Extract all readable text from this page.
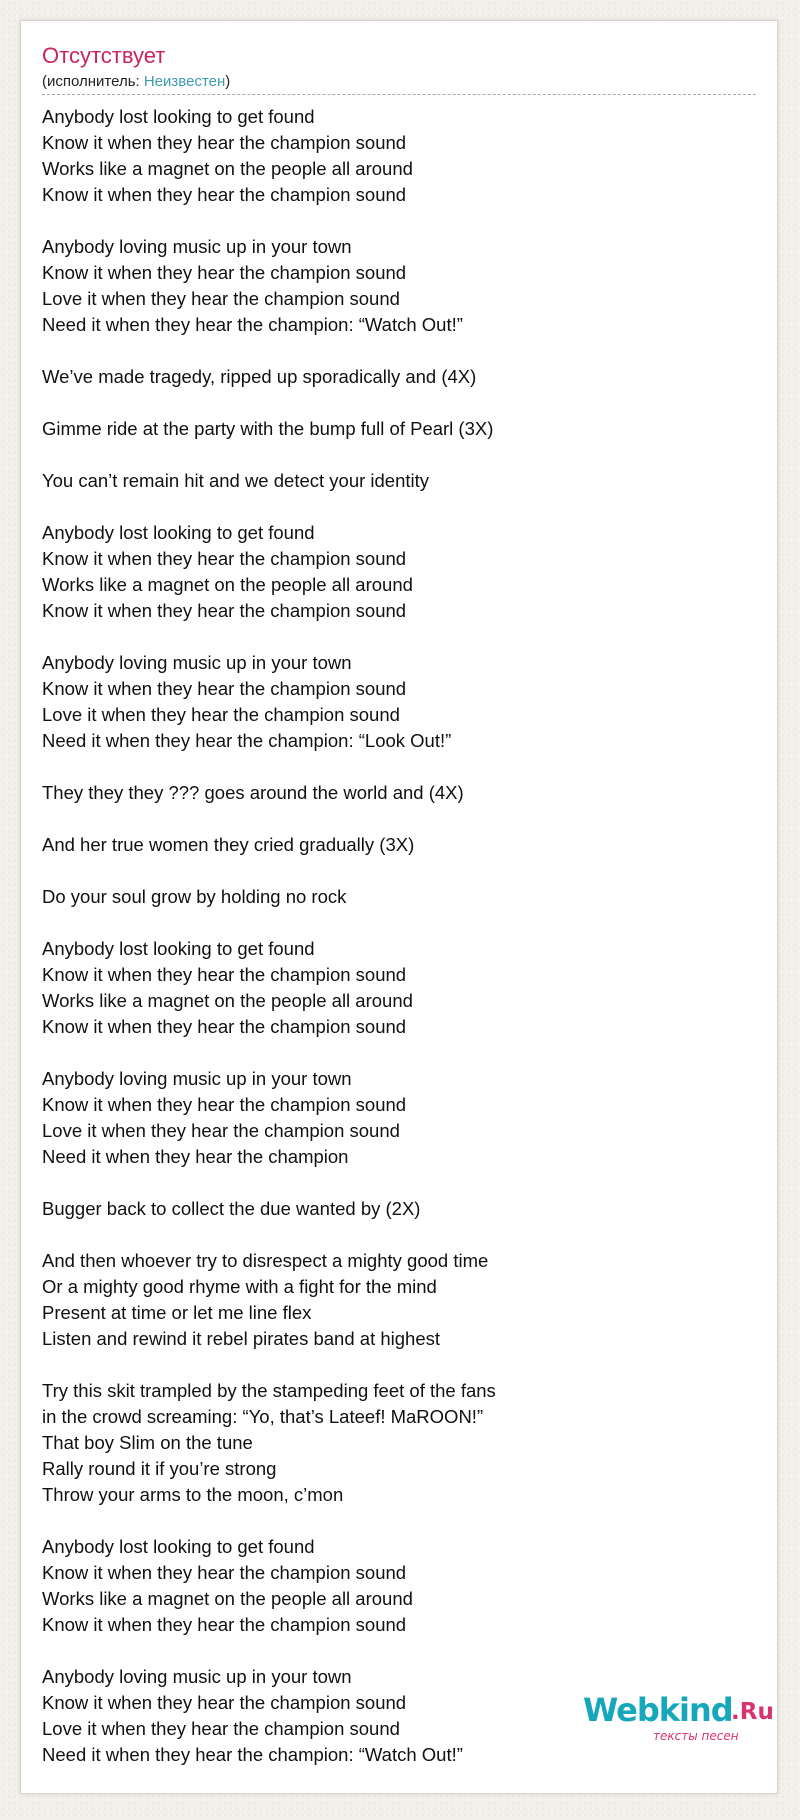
Отсутствует
(исполнитель: Неизвестен)
Anybody lost looking to get found
Know it when they hear the champion sound
Works like a magnet on the people all around
Know it when they hear the champion sound
Anybody loving music up in your town
Know it when they hear the champion sound
Love it when they hear the champion sound
Need it when they hear the champion: “Watch Out!”
We’ve made tragedy, ripped up sporadically and (4X)
Gimme ride at the party with the bump full of Pearl (3X)
You can’t remain hit and we detect your identity
Anybody lost looking to get found
Know it when they hear the champion sound
Works like a magnet on the people all around
Know it when they hear the champion sound
Anybody loving music up in your town
Know it when they hear the champion sound
Love it when they hear the champion sound
Need it when they hear the champion: “Look Out!”
They they they ??? goes around the world and (4X)
And her true women they cried gradually (3X)
Do your soul grow by holding no rock
Anybody lost looking to get found
Know it when they hear the champion sound
Works like a magnet on the people all around
Know it when they hear the champion sound
Anybody loving music up in your town
Know it when they hear the champion sound
Love it when they hear the champion sound
Need it when they hear the champion
Bugger back to collect the due wanted by (2X)
And then whoever try to disrespect a mighty good time
Or a mighty good rhyme with a fight for the mind
Present at time or let me line flex
Listen and rewind it rebel pirates band at highest
Try this skit trampled by the stampeding feet of the fans
in the crowd screaming: “Yo, that’s Lateef! MaROON!”
That boy Slim on the tune
Rally round it if you’re strong
Throw your arms to the moon, c’mon
Anybody lost looking to get found
Know it when they hear the champion sound
Works like a magnet on the people all around
Know it when they hear the champion sound
Anybody loving music up in your town
Know it when they hear the champion sound
Love it when they hear the champion sound
Need it when they hear the champion: “Watch Out!”
Webkind
.Ru
тексты песен
